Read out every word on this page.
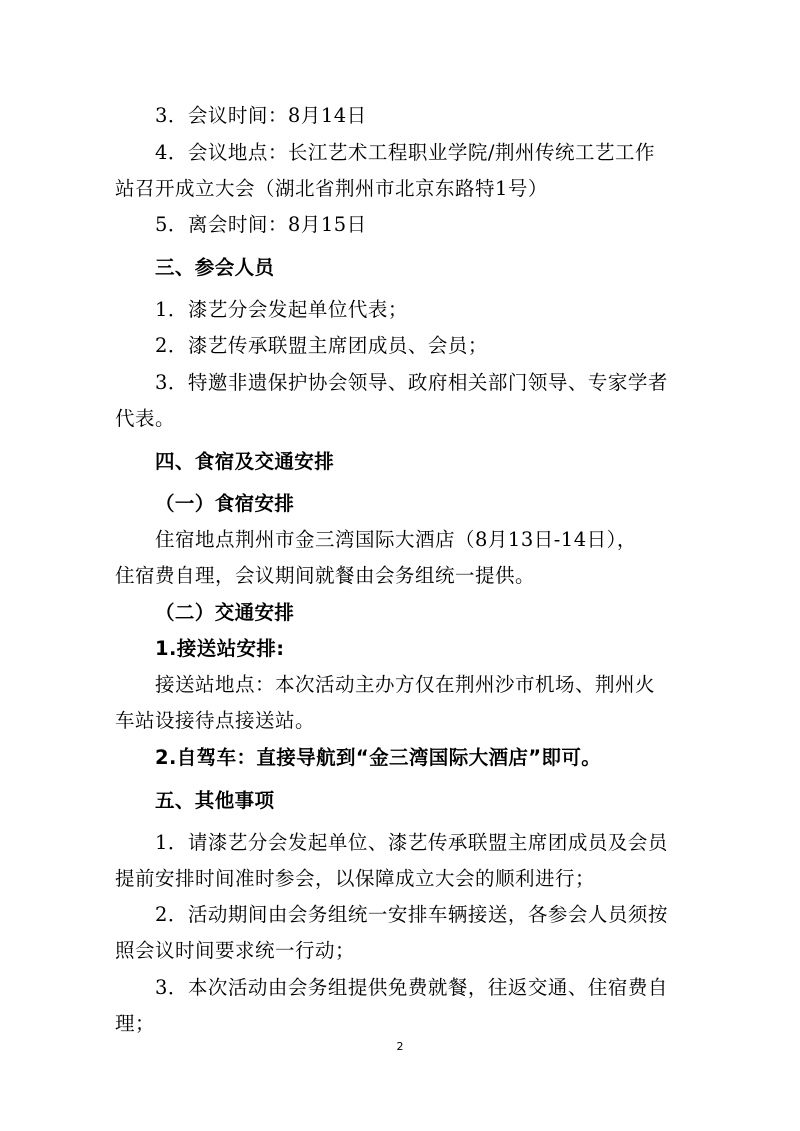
3．会议时间：8月14日
4．会议地点：长江艺术工程职业学院/荆州传统工艺工作
站召开成立大会（湖北省荆州市北京东路特1号）
5．离会时间：8月15日
三、参会人员
1．漆艺分会发起单位代表；
2．漆艺传承联盟主席团成员、会员；
3．特邀非遗保护协会领导、政府相关部门领导、专家学者
代表。
四、食宿及交通安排
（一）食宿安排
住宿地点荆州市金三湾国际大酒店（8月13日-14日），
住宿费自理，会议期间就餐由会务组统一提供。
（二）交通安排
1.接送站安排:
接送站地点：本次活动主办方仅在荆州沙市机场、荆州火
车站设接待点接送站。
2.自驾车：直接导航到“金三湾国际大酒店”即可。
五、其他事项
1．请漆艺分会发起单位、漆艺传承联盟主席团成员及会员
提前安排时间准时参会，以保障成立大会的顺利进行；
2．活动期间由会务组统一安排车辆接送，各参会人员须按
照会议时间要求统一行动；
3．本次活动由会务组提供免费就餐，往返交通、住宿费自
理；
2
